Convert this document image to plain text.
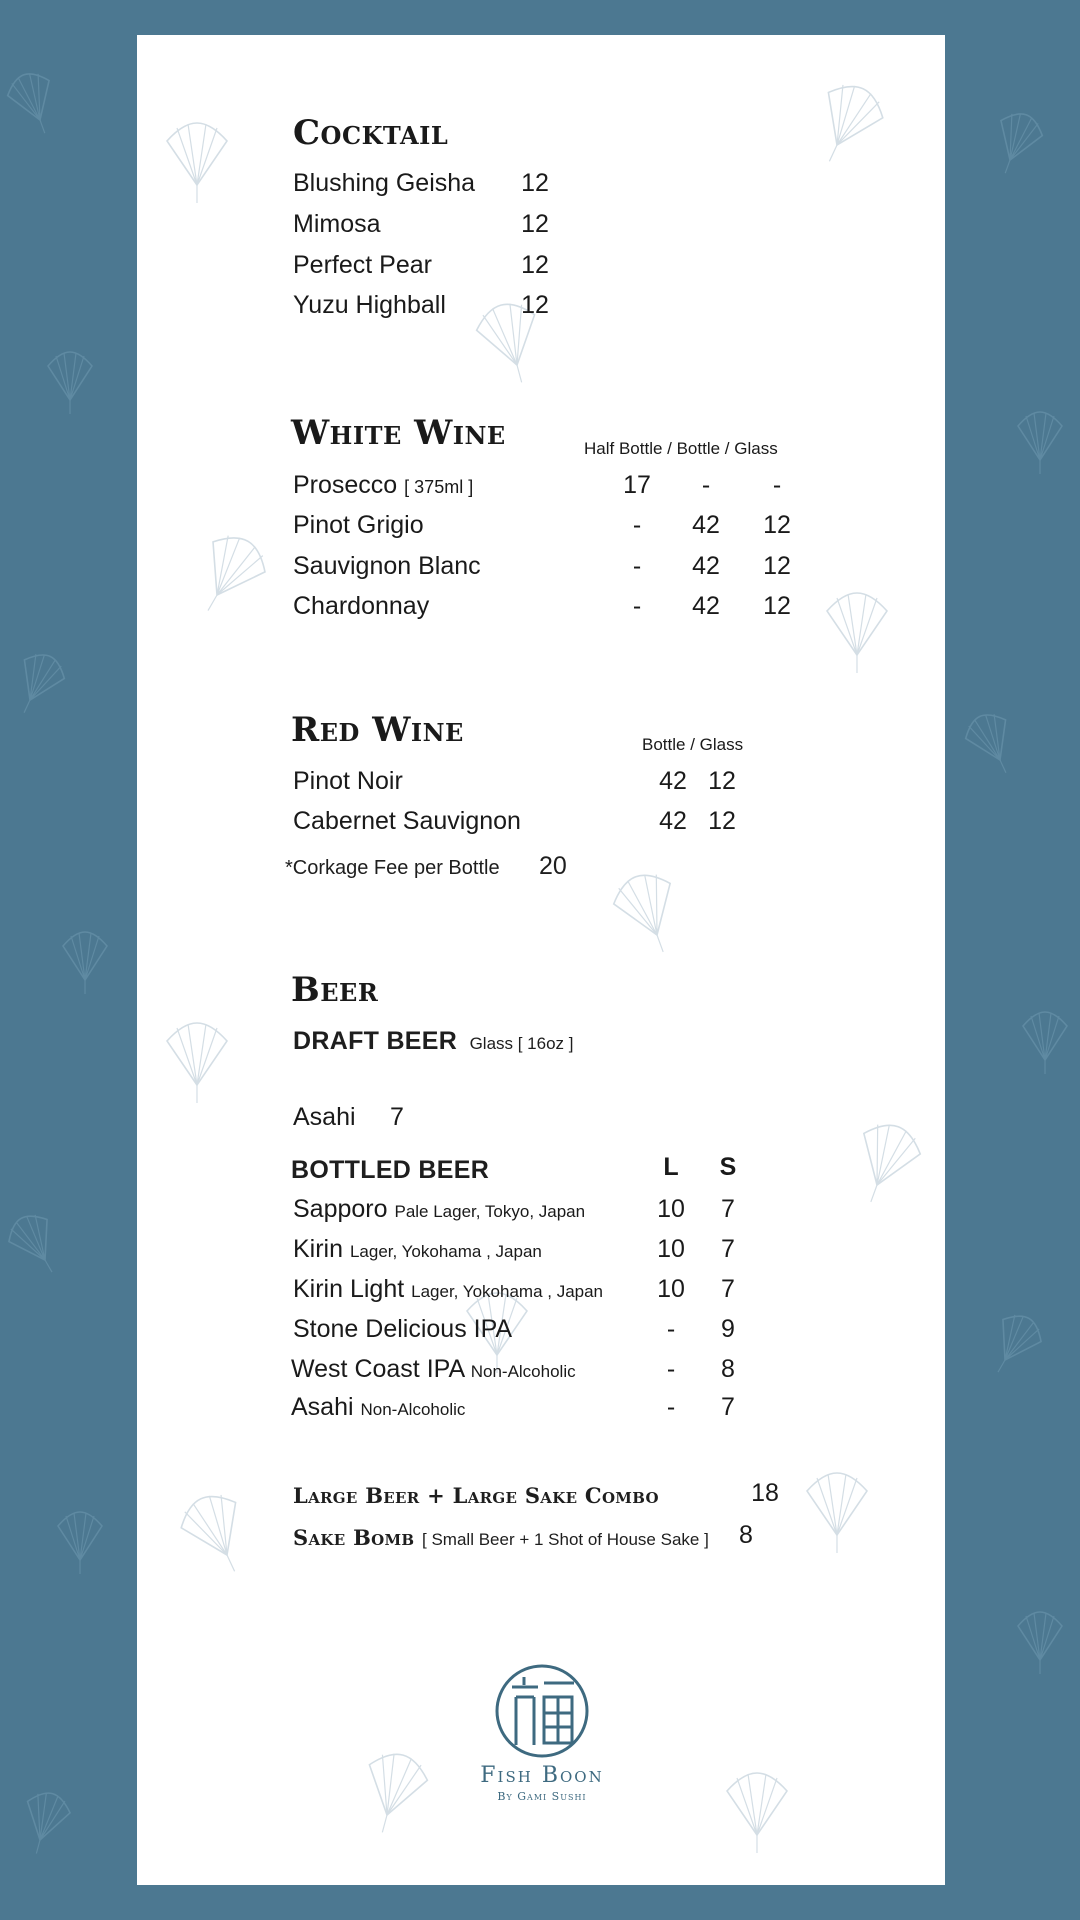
Cocktail
Blushing Geisha	12
Mimosa	12
Perfect Pear	12
Yuzu Highball	12
White Wine	Half Bottle / Bottle / Glass
Prosecco [ 375ml ]	17	-	-
Pinot Grigio	-	42	12
Sauvignon Blanc	-	42	12
Chardonnay	-	42	12
Red Wine	Bottle / Glass
Pinot Noir	42 12
Cabernet Sauvignon	42 12
*Corkage Fee per Bottle 20
Beer
DRAFT BEER Glass [ 16oz ]
Asahi 7
BOTTLED BEER	L	S
Sapporo Pale Lager, Tokyo, Japan	10	7
Kirin Lager, Yokohama , Japan	10	7
Kirin Light Lager, Yokohama , Japan	10	7
Stone Delicious IPA	-	9
West Coast IPA Non-Alcoholic	-	8
Asahi Non-Alcoholic	-	7
Large Beer + Large Sake Combo	18
Sake Bomb [ Small Beer + 1 Shot of House Sake ]	8
Fish Boon
By Gami Sushi
